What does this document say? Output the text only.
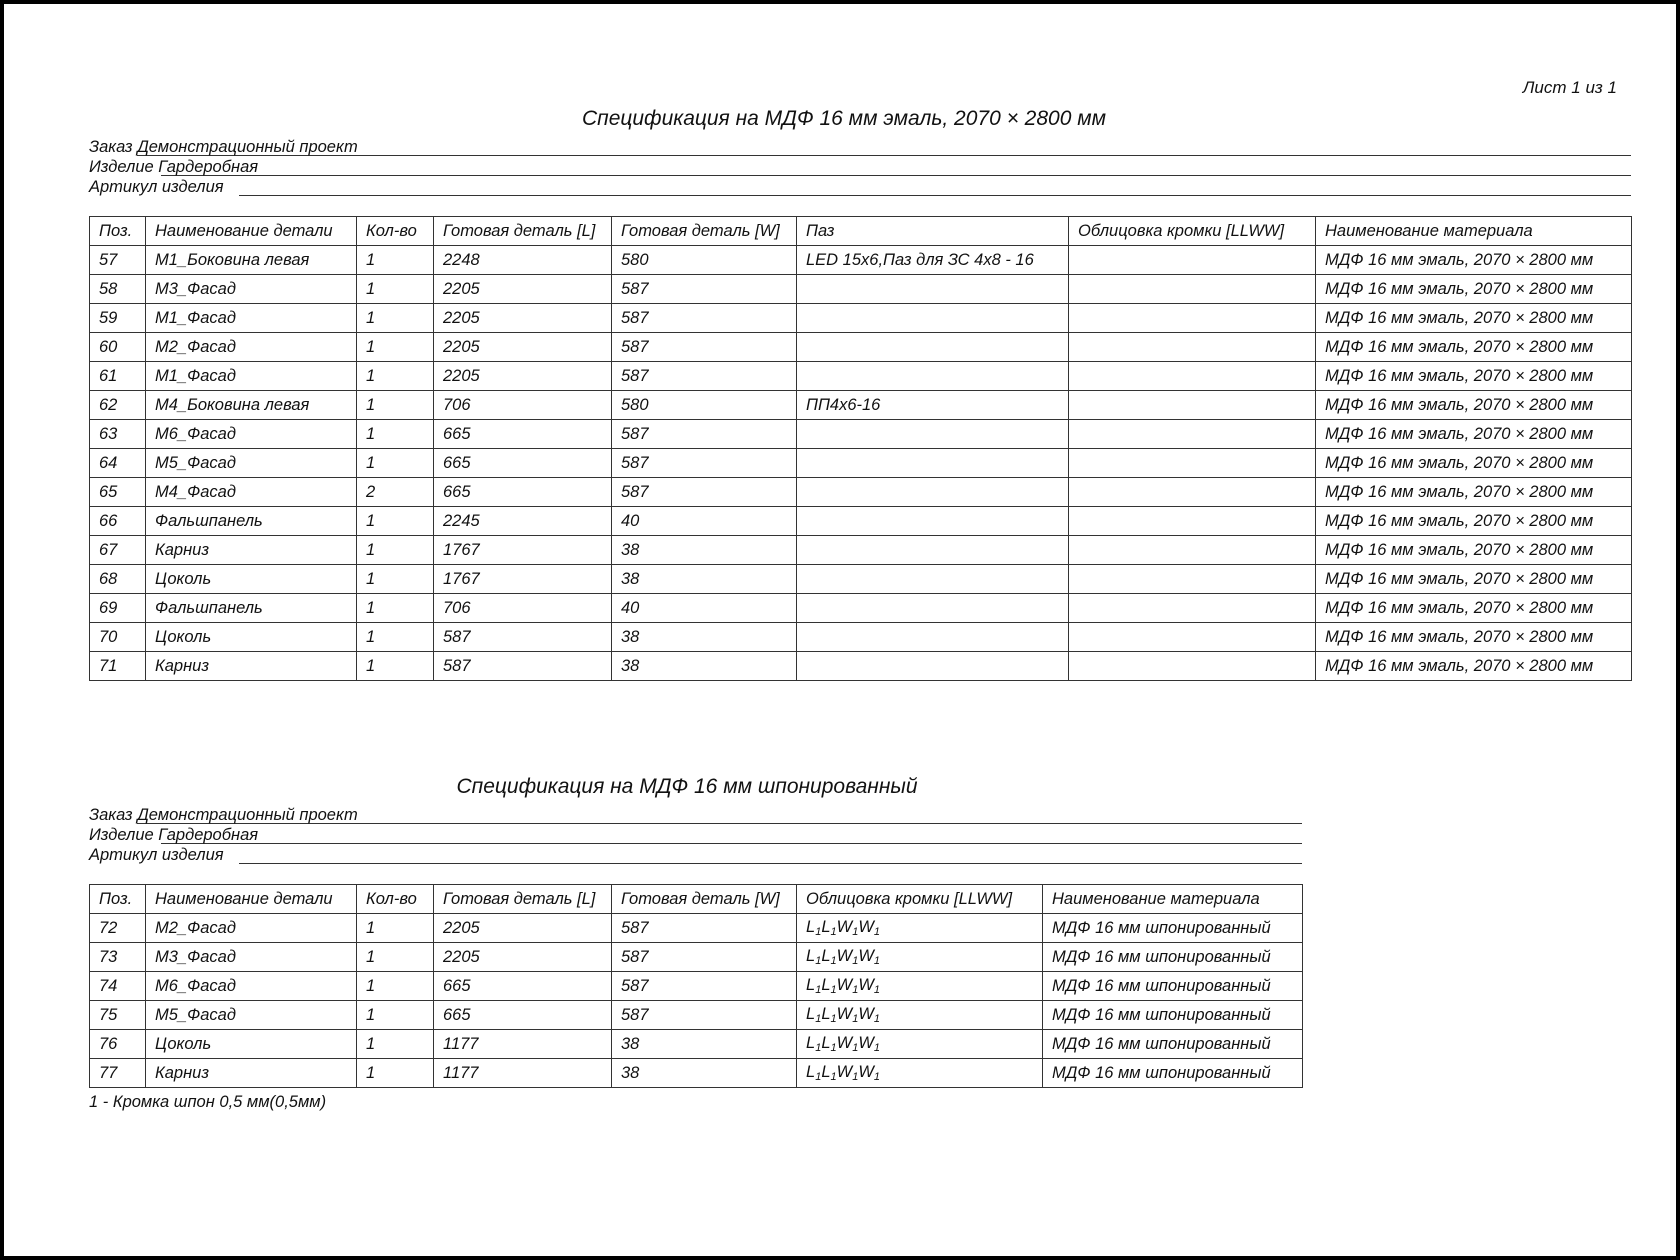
Лист 1 из 1
Спецификация на МДФ 16 мм эмаль, 2070 × 2800 мм
Заказ Демонстрационный проект
Изделие Гардеробная
Артикул изделия
Поз.	Наименование детали	Кол-во	Готовая деталь [L]	Готовая деталь [W]	Паз	Облицовка кромки [LLWW]	Наименование материала
57	M1_Боковина левая	1	2248	580	LED 15x6,Паз для ЗС 4x8 - 16		МДФ 16 мм эмаль, 2070 × 2800 мм
58	M3_Фасад	1	2205	587			МДФ 16 мм эмаль, 2070 × 2800 мм
59	M1_Фасад	1	2205	587			МДФ 16 мм эмаль, 2070 × 2800 мм
60	M2_Фасад	1	2205	587			МДФ 16 мм эмаль, 2070 × 2800 мм
61	M1_Фасад	1	2205	587			МДФ 16 мм эмаль, 2070 × 2800 мм
62	M4_Боковина левая	1	706	580	ПП4x6-16		МДФ 16 мм эмаль, 2070 × 2800 мм
63	M6_Фасад	1	665	587			МДФ 16 мм эмаль, 2070 × 2800 мм
64	M5_Фасад	1	665	587			МДФ 16 мм эмаль, 2070 × 2800 мм
65	M4_Фасад	2	665	587			МДФ 16 мм эмаль, 2070 × 2800 мм
66	Фальшпанель	1	2245	40			МДФ 16 мм эмаль, 2070 × 2800 мм
67	Карниз	1	1767	38			МДФ 16 мм эмаль, 2070 × 2800 мм
68	Цоколь	1	1767	38			МДФ 16 мм эмаль, 2070 × 2800 мм
69	Фальшпанель	1	706	40			МДФ 16 мм эмаль, 2070 × 2800 мм
70	Цоколь	1	587	38			МДФ 16 мм эмаль, 2070 × 2800 мм
71	Карниз	1	587	38			МДФ 16 мм эмаль, 2070 × 2800 мм
Спецификация на МДФ 16 мм шпонированный
Заказ Демонстрационный проект
Изделие Гардеробная
Артикул изделия
Поз.	Наименование детали	Кол-во	Готовая деталь [L]	Готовая деталь [W]	Облицовка кромки [LLWW]	Наименование материала
72	M2_Фасад	1	2205	587	$L_1L_1W_1W_1$	МДФ 16 мм шпонированный
73	M3_Фасад	1	2205	587	$L_1L_1W_1W_1$	МДФ 16 мм шпонированный
74	M6_Фасад	1	665	587	$L_1L_1W_1W_1$	МДФ 16 мм шпонированный
75	M5_Фасад	1	665	587	$L_1L_1W_1W_1$	МДФ 16 мм шпонированный
76	Цоколь	1	1177	38	$L_1L_1W_1W_1$	МДФ 16 мм шпонированный
77	Карниз	1	1177	38	$L_1L_1W_1W_1$	МДФ 16 мм шпонированный
1 - Кромка шпон 0,5 мм(0,5мм)
